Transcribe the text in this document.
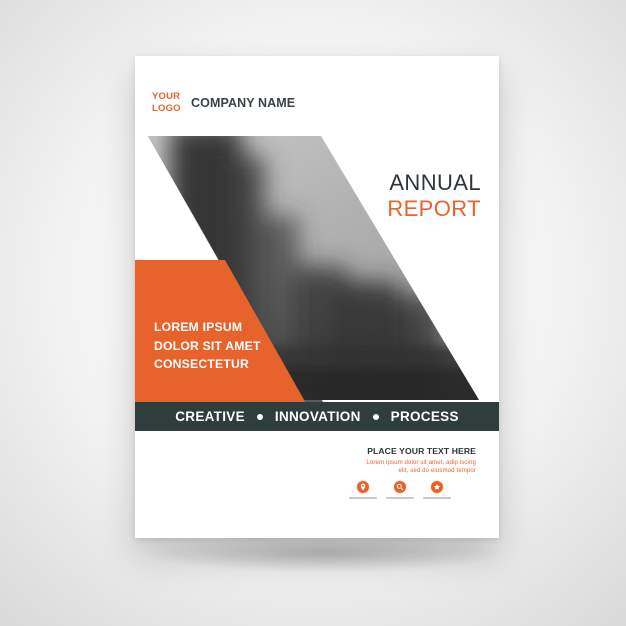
YOUR
LOGO COMPANY NAME
ANNUAL
REPORT
LOREM IPSUM
DOLOR SIT AMET
CONSECTETUR
CREATIVE INNOVATION PROCESS
PLACE YOUR TEXT HERE
Lorem ipsum dolor sit amet, adip iscing
elit, sed do eiusmod tempor
